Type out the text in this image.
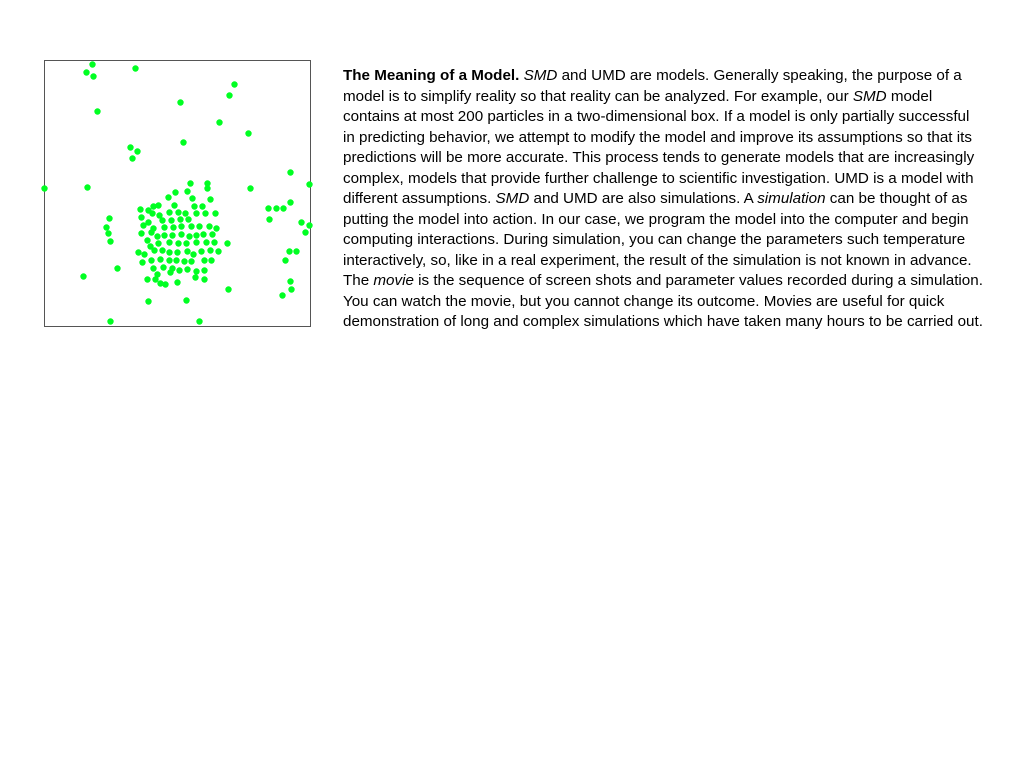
The Meaning of a Model. SMD and UMD are models. Generally speaking, the purpose of a model is to simplify reality so that reality can be analyzed. For example, our SMD model contains at most 200 particles in a two-dimensional box. If a model is only partially successful in predicting behavior, we attempt to modify the model and improve its assumptions so that its predictions will be more accurate. This process tends to generate models that are increasingly complex, models that provide further challenge to scientific investigation. UMD is a model with different assumptions. SMD and UMD are also simulations. A simulation can be thought of as putting the model into action. In our case, we program the model into the computer and begin computing interactions. During simulation, you can change the parameters such temperature interactively, so, like in a real experiment, the result of the simulation is not known in advance. The movie is the sequence of screen shots and parameter values recorded during a simulation. You can watch the movie, but you cannot change its outcome. Movies are useful for quick demonstration of long and complex simulations which have taken many hours to be carried out.
